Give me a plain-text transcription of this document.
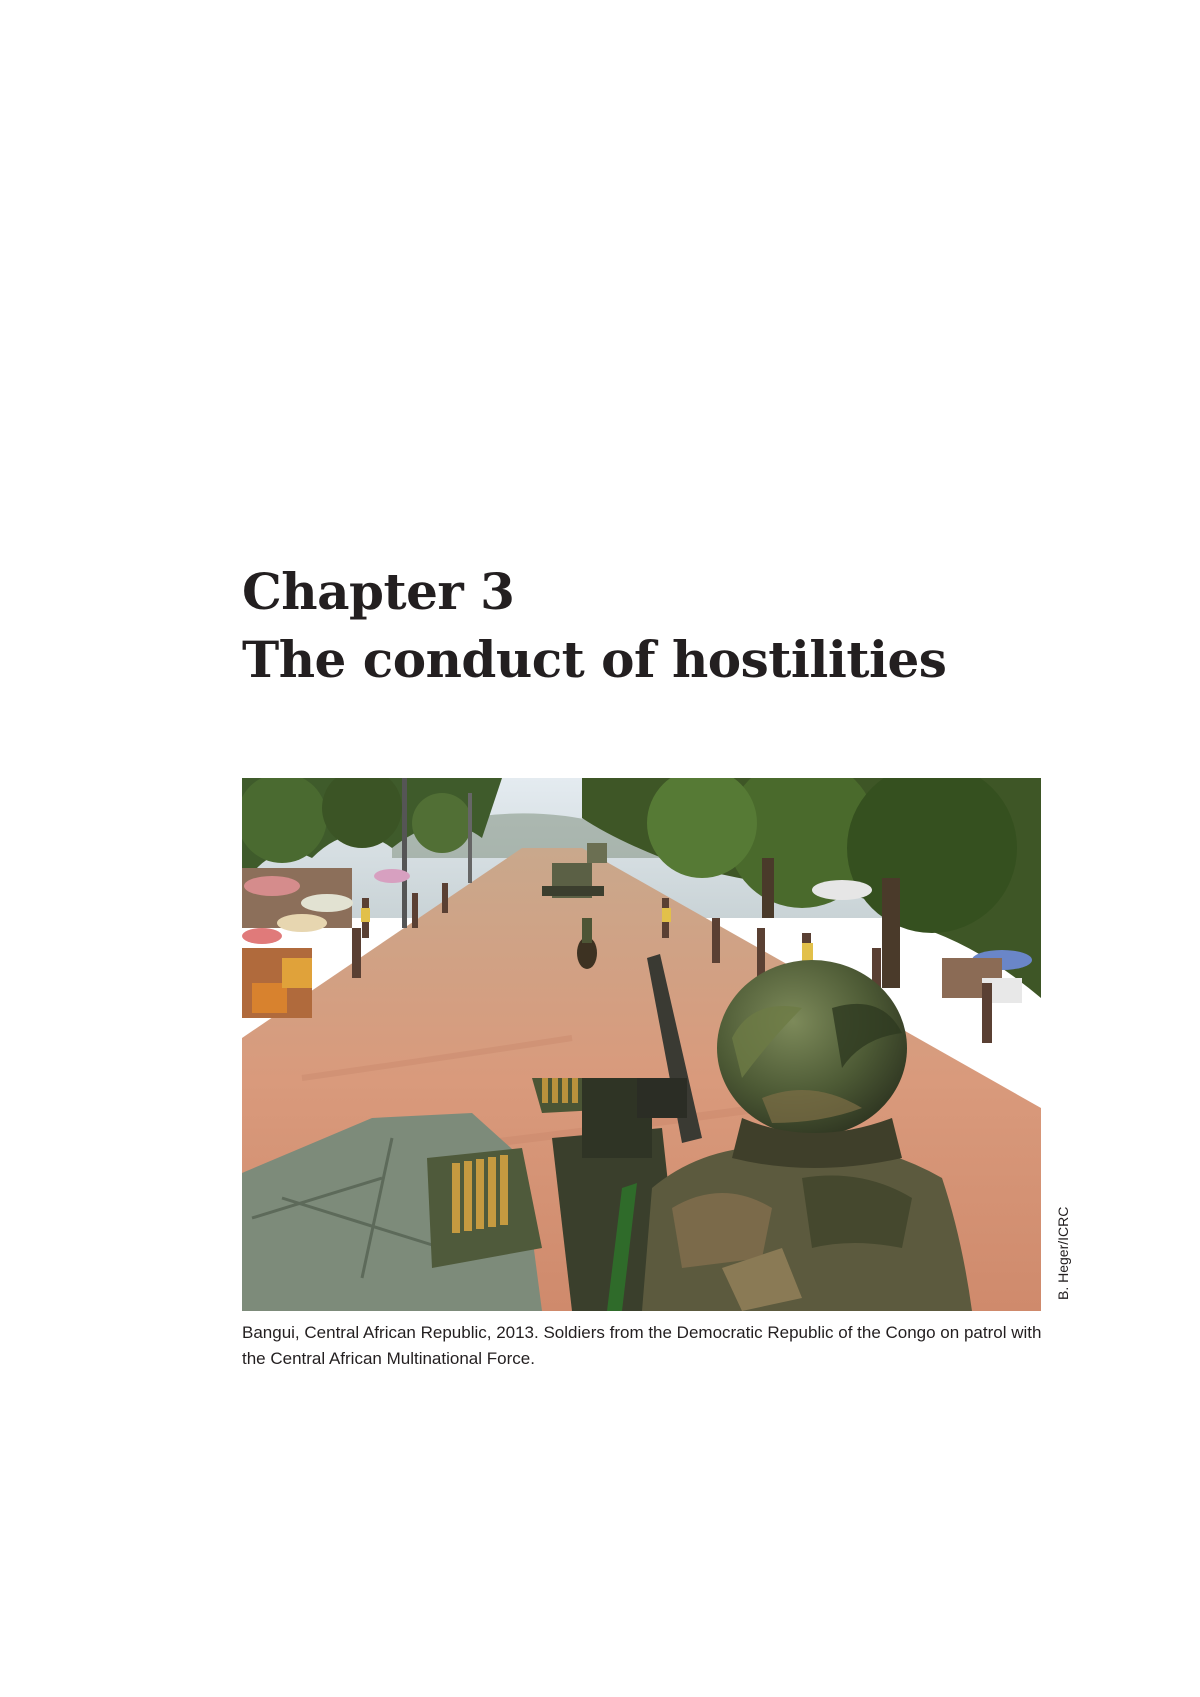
Chapter 3
The conduct of hostilities
B. Heger/ICRC

Bangui, Central African Republic, 2013. Soldiers from the Democratic Republic of the Congo on patrol with the Central African Multinational Force.
